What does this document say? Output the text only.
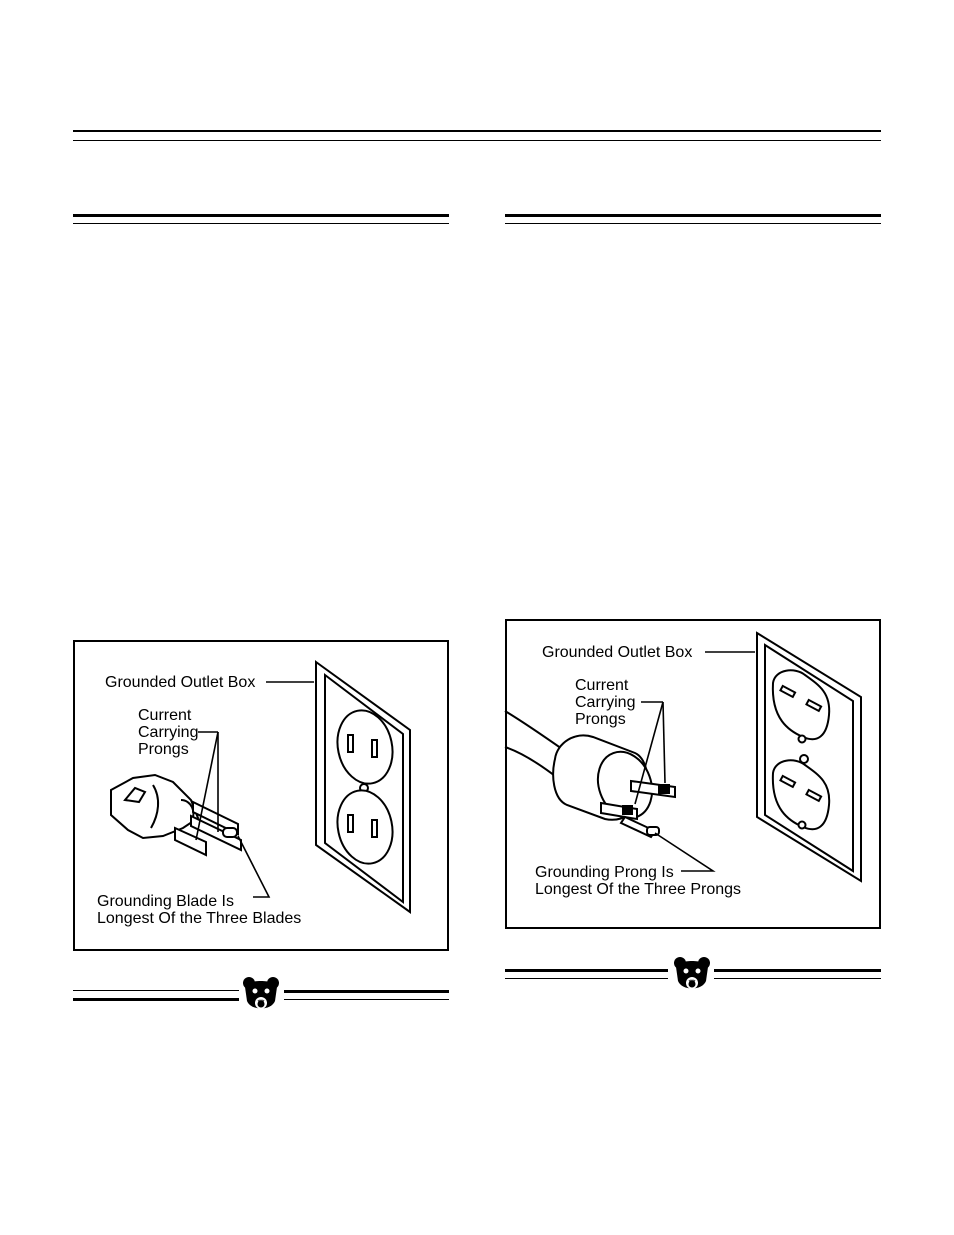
Grounded Outlet Box
Current
Carrying
Prongs
Grounding Blade Is
Longest Of the Three Blades
Grounded Outlet Box
Current
Carrying
Prongs
Grounding Prong Is
Longest Of the Three Prongs
